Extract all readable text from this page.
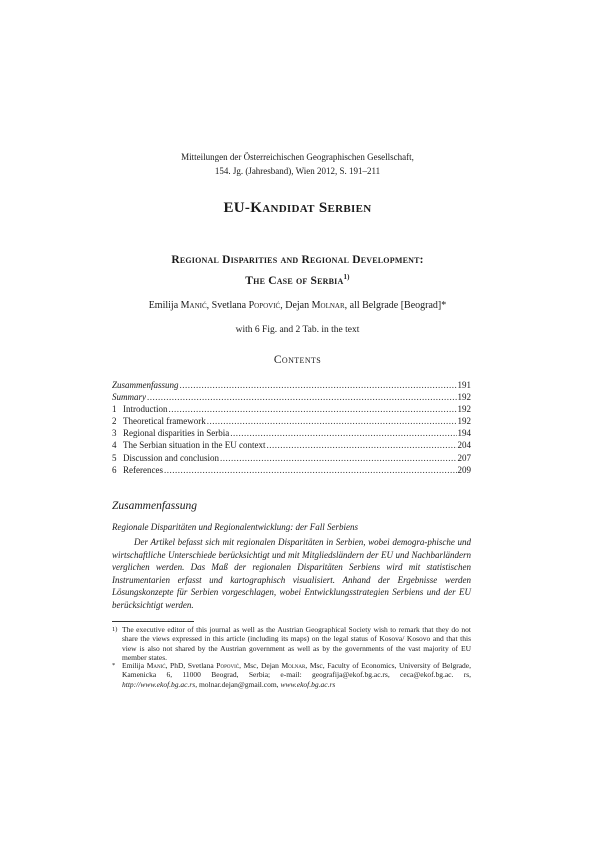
Mitteilungen der Österreichischen Geographischen Gesellschaft,
154. Jg. (Jahresband), Wien 2012, S. 191–211
EU-Kandidat Serbien
Regional Disparities and Regional Development:
The Case of Serbia$^{1)}$
Emilija Manić, Svetlana Popović, Dejan Molnar, all Belgrade [Beograd]*
with 6 Fig. and 2 Tab. in the text
Contents
Zusammenfassung .....	191
Summary .....	192
1 Introduction .....	192
2 Theoretical framework .....	192
3 Regional disparities in Serbia .....	194
4 The Serbian situation in the EU context .....	204
5 Discussion and conclusion .....	207
6 References .....	209
Zusammenfassung
Regionale Disparitäten und Regionalentwicklung: der Fall Serbiens
Der Artikel befasst sich mit regionalen Disparitäten in Serbien, wobei demogra-phische und wirtschaftliche Unterschiede berücksichtigt und mit Mitgliedsländern der EU und Nachbarländern verglichen werden. Das Maß der regionalen Disparitäten Serbiens wird mit statistischen Instrumentarien erfasst und kartographisch visualisiert. Anhand der Ergebnisse werden Lösungskonzepte für Serbien vorgeschlagen, wobei Entwicklungsstrategien Serbiens und der EU berücksichtigt werden.
1) The executive editor of this journal as well as the Austrian Geographical Society wish to remark that they do not share the views expressed in this article (including its maps) on the legal status of Kosova/ Kosovo and that this view is also not shared by the Austrian government as well as by the governments of the vast majority of EU member states.
* Emilija Manić, PhD, Svetlana Popović, Msc, Dejan Molnar, Msc, Faculty of Economics, University of Belgrade, Kamenicka 6, 11000 Beograd, Serbia; e-mail: geografija@ekof.bg.ac.rs, ceca@ekof.bg.ac. rs, http://www.ekof.bg.ac.rs, molnar.dejan@gmail.com, www.ekof.bg.ac.rs
